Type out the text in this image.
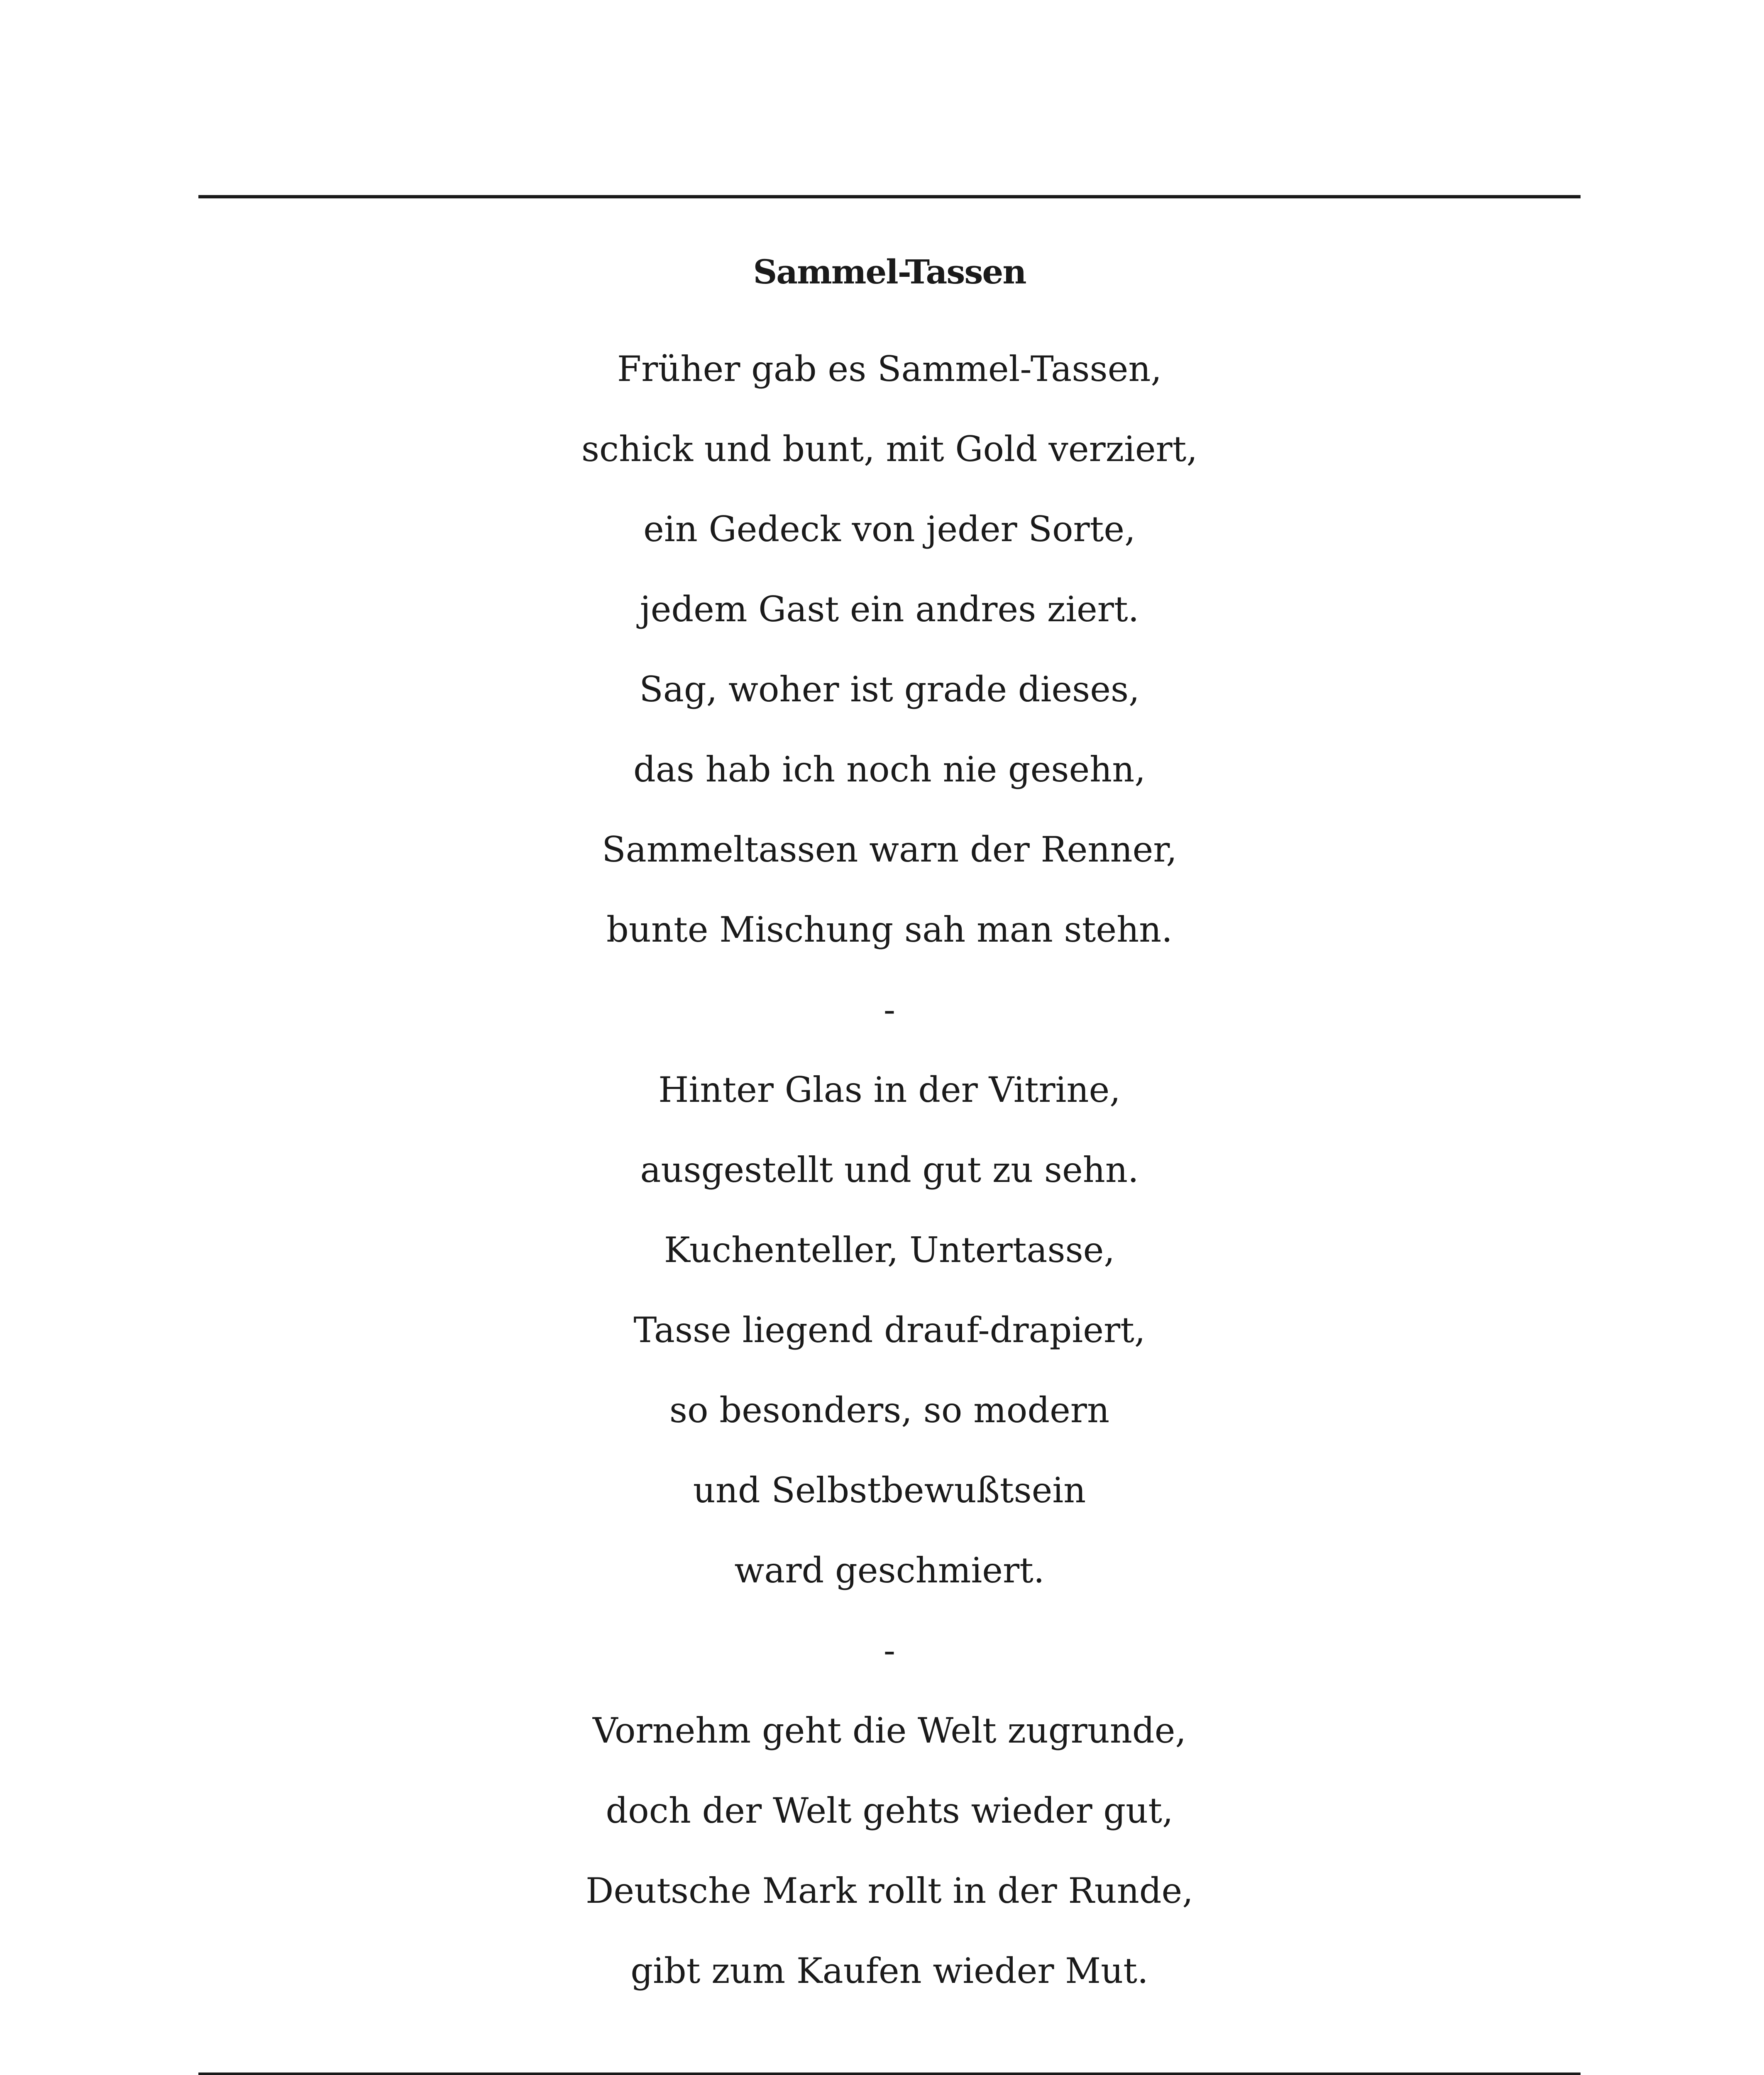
Sammel-Tassen
Früher gab es Sammel-Tassen,
schick und bunt, mit Gold verziert,
ein Gedeck von jeder Sorte,
jedem Gast ein andres ziert.
Sag, woher ist grade dieses,
das hab ich noch nie gesehn,
Sammeltassen warn der Renner,
bunte Mischung sah man stehn.
-
Hinter Glas in der Vitrine,
ausgestellt und gut zu sehn.
Kuchenteller, Untertasse,
Tasse liegend drauf-drapiert,
so besonders, so modern
und Selbstbewußtsein
ward geschmiert.
-
Vornehm geht die Welt zugrunde,
doch der Welt gehts wieder gut,
Deutsche Mark rollt in der Runde,
gibt zum Kaufen wieder Mut.
